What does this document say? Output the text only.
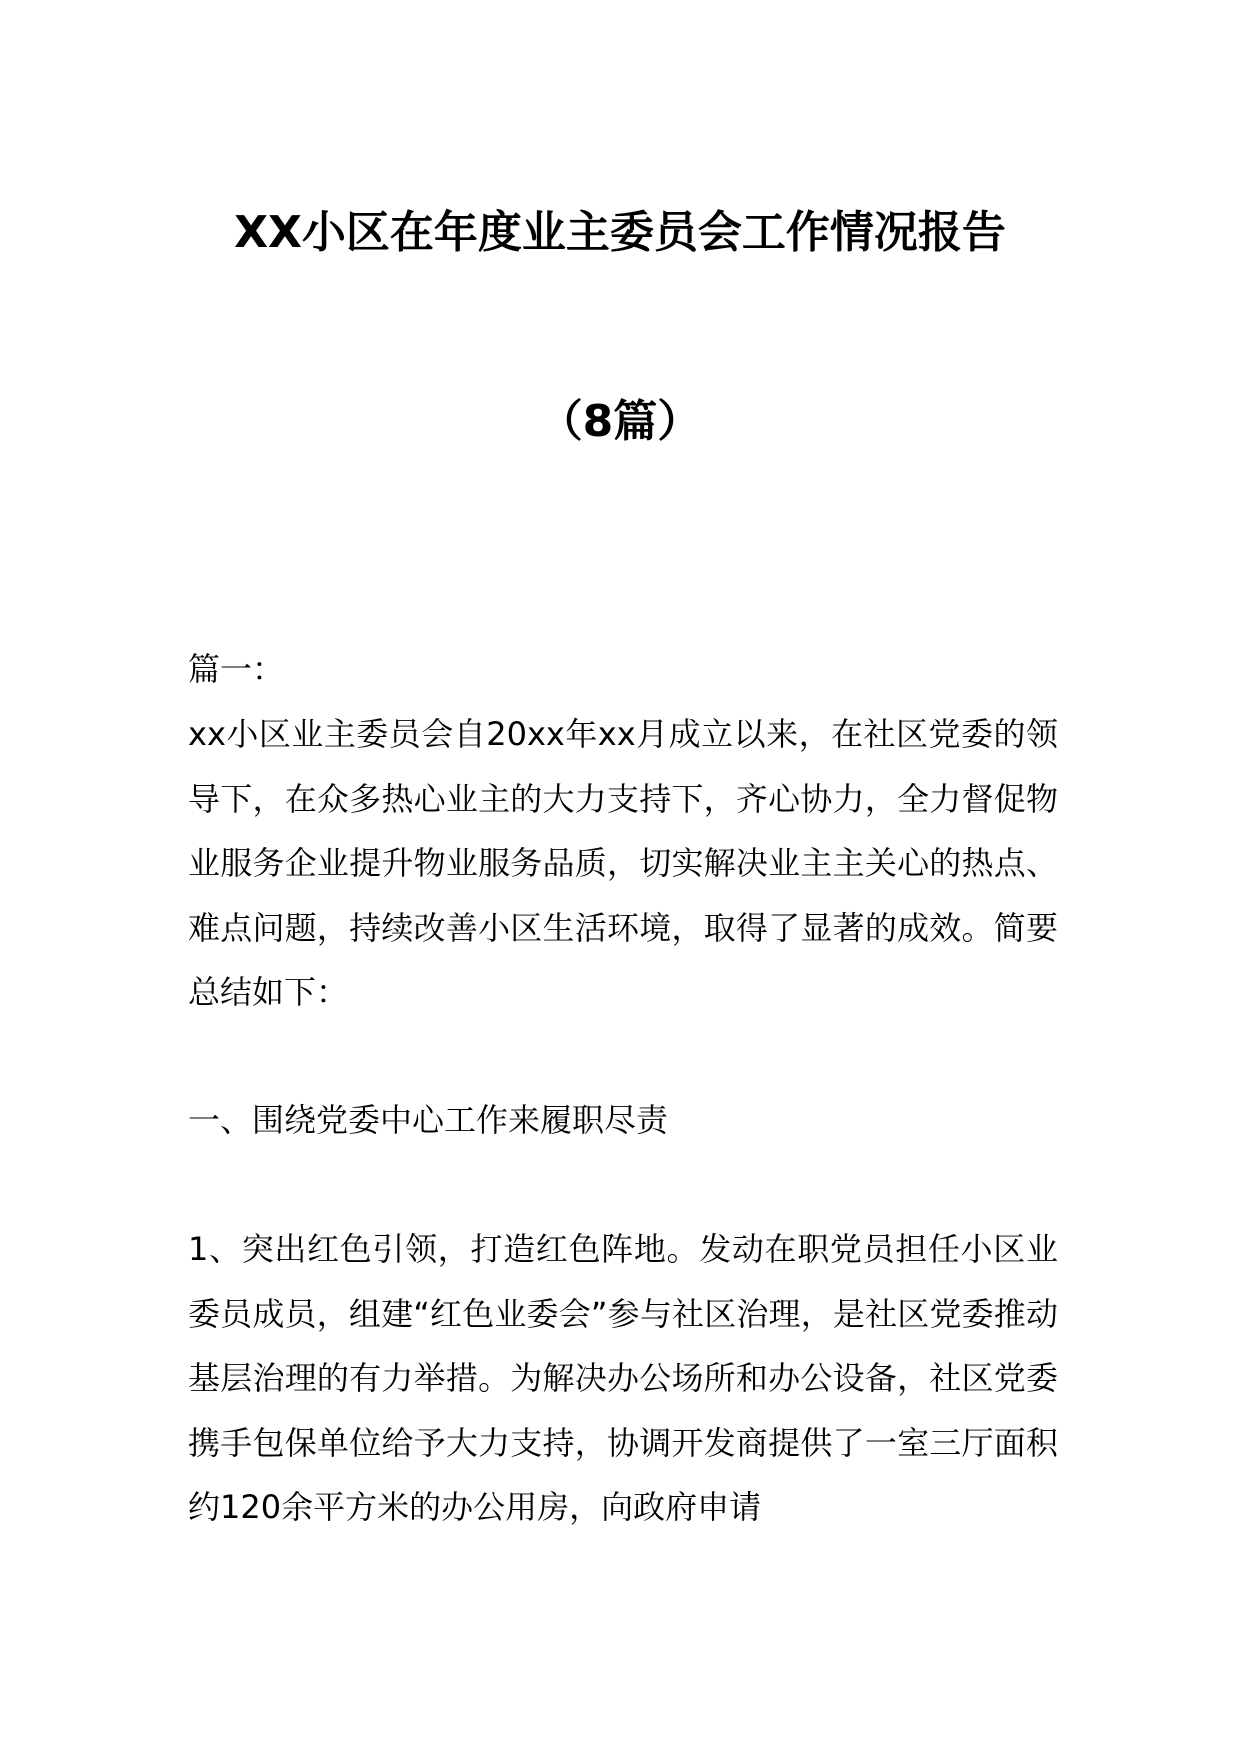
XX小区在年度业主委员会工作情况报告
（8篇）

篇一：

xx小区业主委员会自20xx年xx月成立以来，在社区党委的领导下，在众多热心业主的大力支持下，齐心协力，全力督促物业服务企业提升物业服务品质，切实解决业主主关心的热点、难点问题，持续改善小区生活环境，取得了显著的成效。简要总结如下：

一、围绕党委中心工作来履职尽责

1、突出红色引领，打造红色阵地。发动在职党员担任小区业委员成员，组建“红色业委会”参与社区治理，是社区党委推动基层治理的有力举措。为解决办公场所和办公设备，社区党委携手包保单位给予大力支持，协调开发商提供了一室三厅面积约120余平方米的办公用房，向政府申请
